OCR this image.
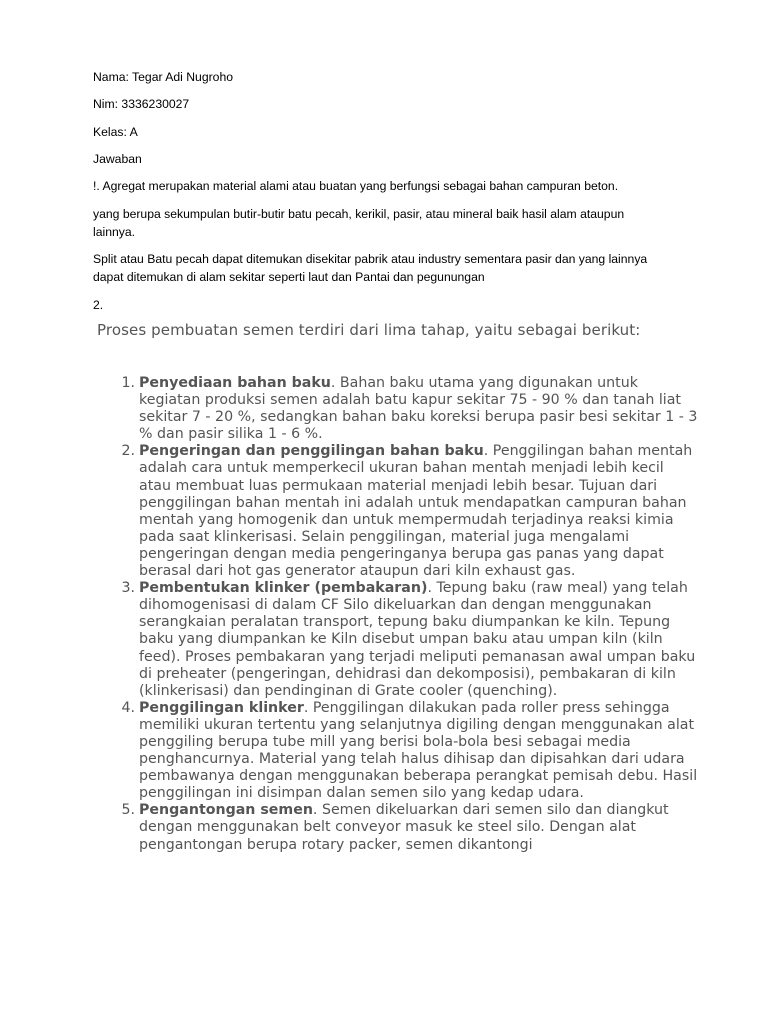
Nama: Tegar Adi Nugroho
Nim: 3336230027
Kelas: A
Jawaban
!. Agregat merupakan material alami atau buatan yang berfungsi sebagai bahan campuran beton.
yang berupa sekumpulan butir-butir batu pecah, kerikil, pasir, atau mineral baik hasil alam ataupun lainnya.
Split atau Batu pecah dapat ditemukan disekitar pabrik atau industry sementara pasir dan yang lainnya dapat ditemukan di alam sekitar seperti laut dan Pantai dan pegunungan
2.
Proses pembuatan semen terdiri dari lima tahap, yaitu sebagai berikut:
1. Penyediaan bahan baku. Bahan baku utama yang digunakan untuk kegiatan produksi semen adalah batu kapur sekitar 75 - 90 % dan tanah liat sekitar 7 - 20 %, sedangkan bahan baku koreksi berupa pasir besi sekitar 1 - 3 % dan pasir silika 1 - 6 %.
2. Pengeringan dan penggilingan bahan baku. Penggilingan bahan mentah adalah cara untuk memperkecil ukuran bahan mentah menjadi lebih kecil atau membuat luas permukaan material menjadi lebih besar. Tujuan dari penggilingan bahan mentah ini adalah untuk mendapatkan campuran bahan mentah yang homogenik dan untuk mempermudah terjadinya reaksi kimia pada saat klinkerisasi. Selain penggilingan, material juga mengalami pengeringan dengan media pengeringanya berupa gas panas yang dapat berasal dari hot gas generator ataupun dari kiln exhaust gas.
3. Pembentukan klinker (pembakaran). Tepung baku (raw meal) yang telah dihomogenisasi di dalam CF Silo dikeluarkan dan dengan menggunakan serangkaian peralatan transport, tepung baku diumpankan ke kiln. Tepung baku yang diumpankan ke Kiln disebut umpan baku atau umpan kiln (kiln feed). Proses pembakaran yang terjadi meliputi pemanasan awal umpan baku di preheater (pengeringan, dehidrasi dan dekomposisi), pembakaran di kiln (klinkerisasi) dan pendinginan di Grate cooler (quenching).
4. Penggilingan klinker. Penggilingan dilakukan pada roller press sehingga memiliki ukuran tertentu yang selanjutnya digiling dengan menggunakan alat penggiling berupa tube mill yang berisi bola-bola besi sebagai media penghancurnya. Material yang telah halus dihisap dan dipisahkan dari udara pembawanya dengan menggunakan beberapa perangkat pemisah debu. Hasil penggilingan ini disimpan dalan semen silo yang kedap udara.
5. Pengantongan semen. Semen dikeluarkan dari semen silo dan diangkut dengan menggunakan belt conveyor masuk ke steel silo. Dengan alat pengantongan berupa rotary packer, semen dikantongi
